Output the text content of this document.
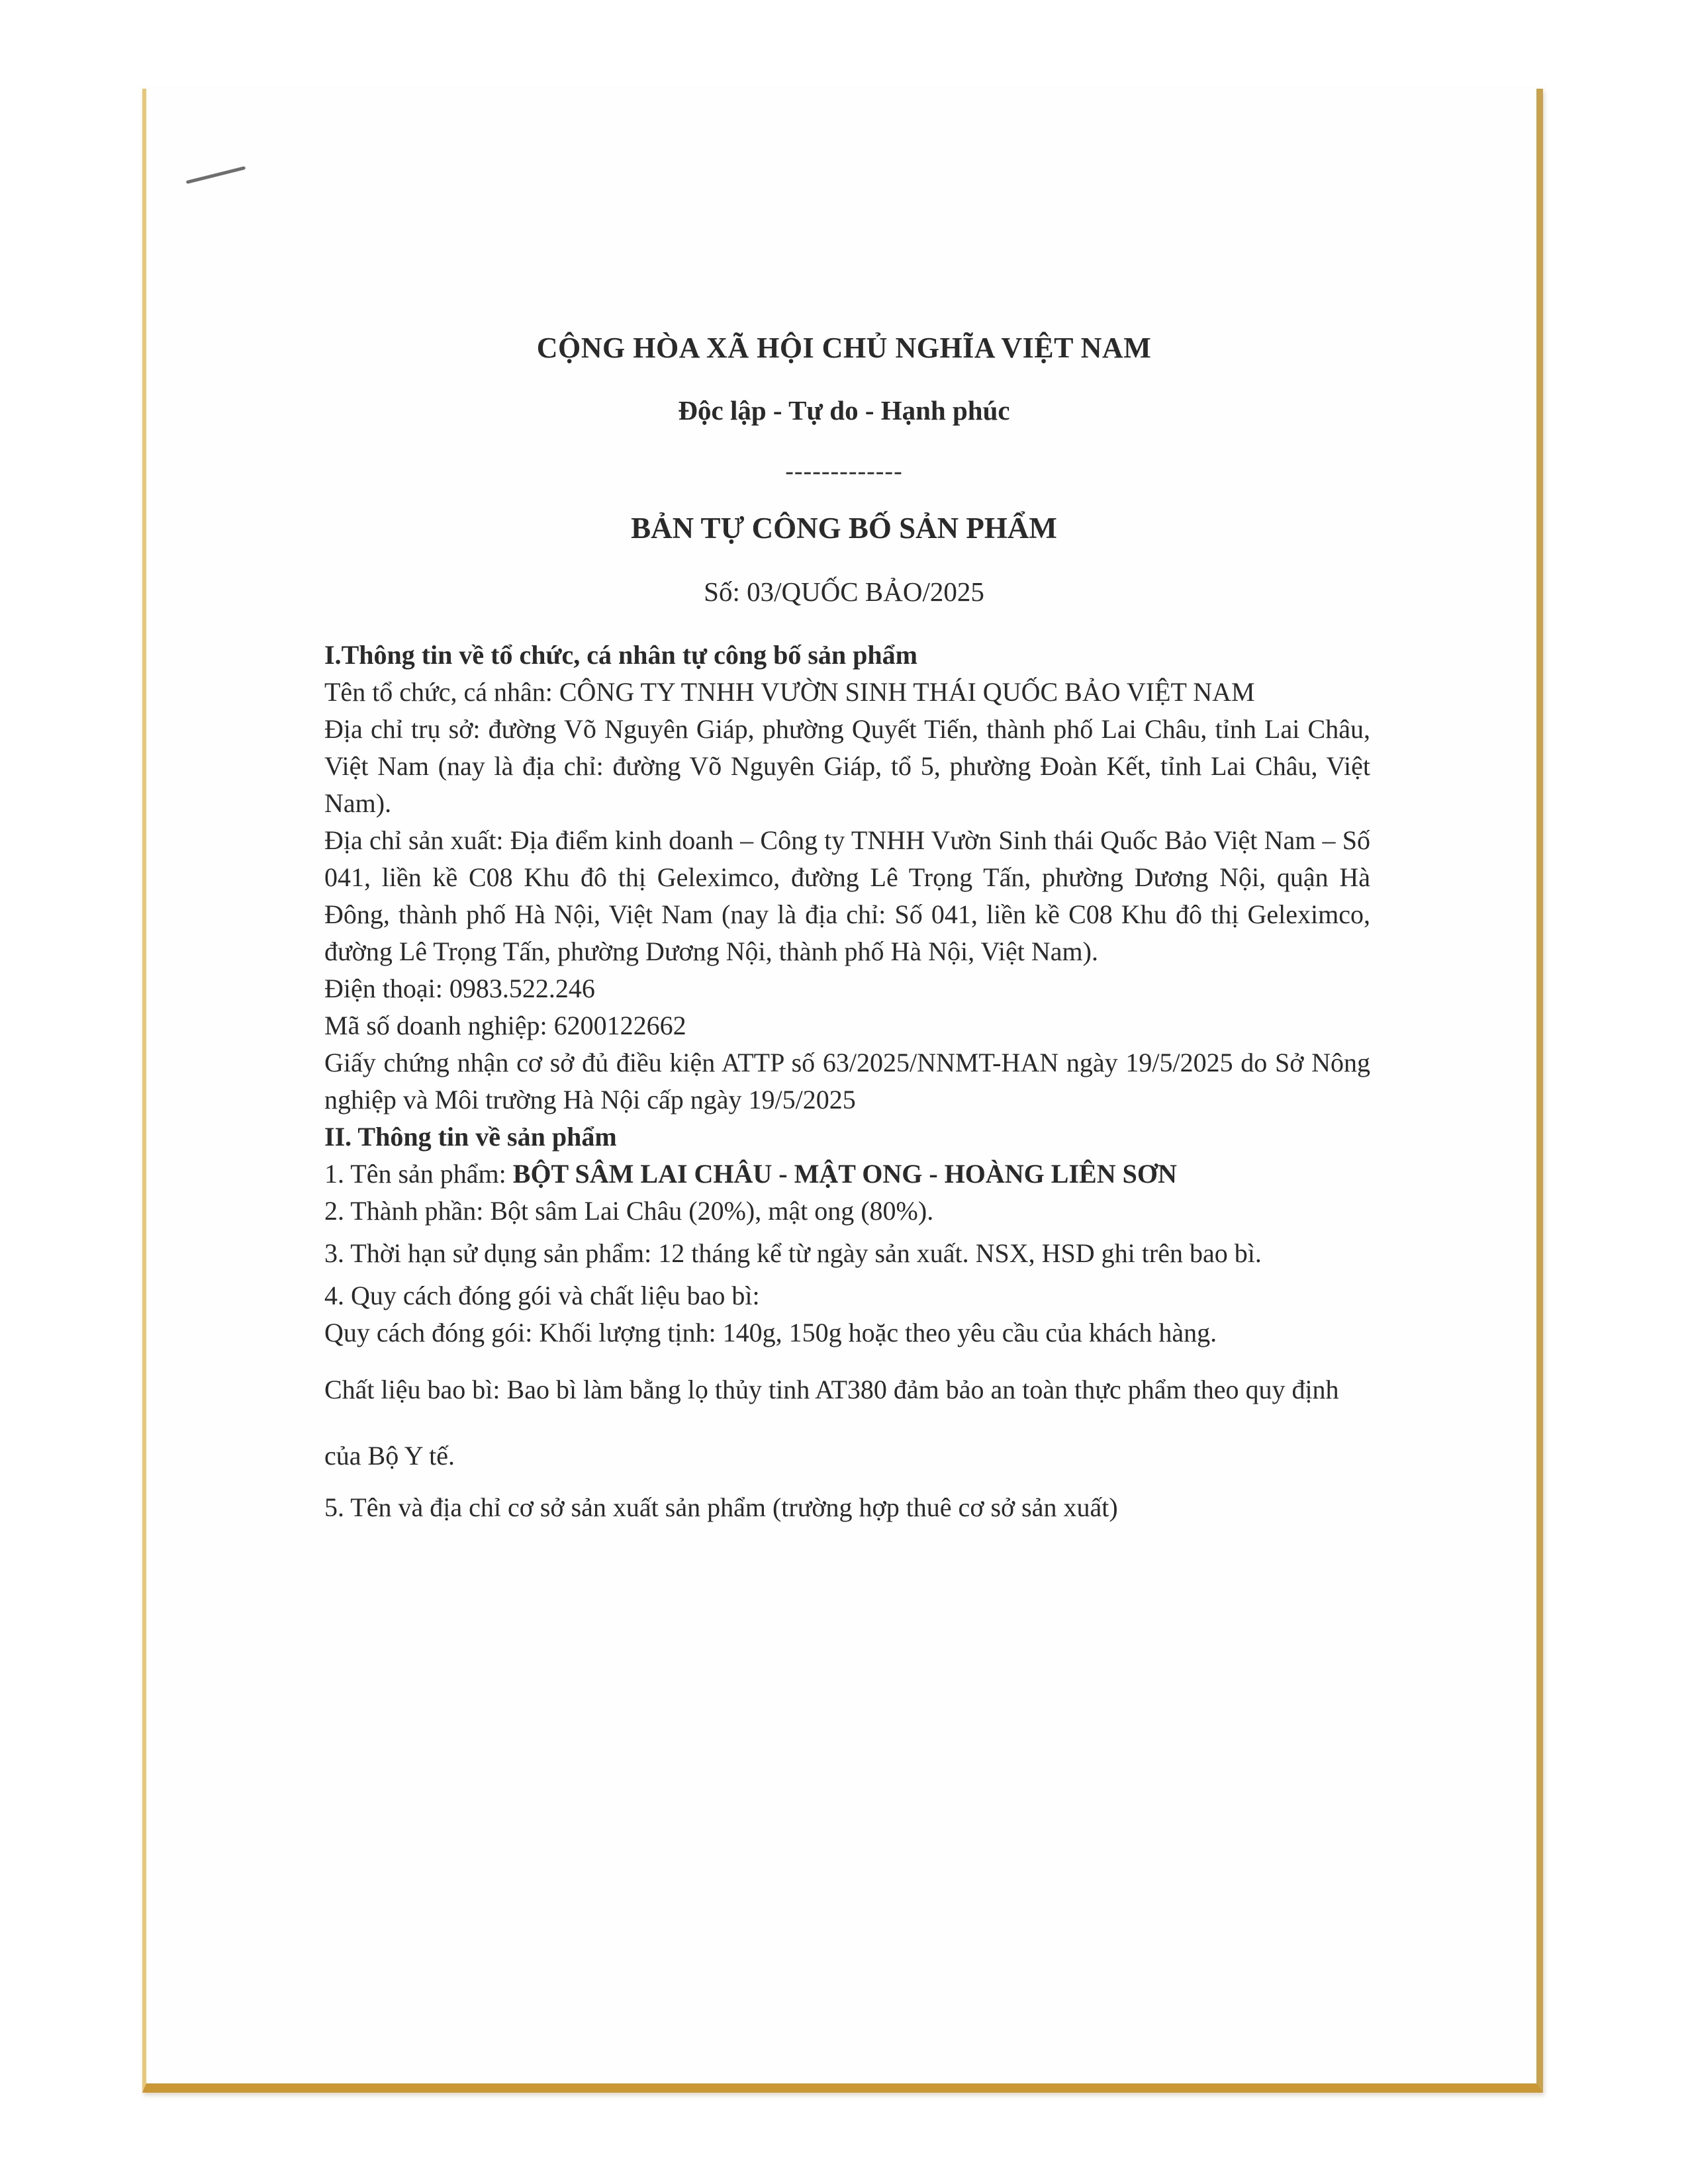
CỘNG HÒA XÃ HỘI CHỦ NGHĨA VIỆT NAM
Độc lập - Tự do - Hạnh phúc
-------------
BẢN TỰ CÔNG BỐ SẢN PHẨM
Số: 03/QUỐC BẢO/2025

I.Thông tin về tổ chức, cá nhân tự công bố sản phẩm

Tên tổ chức, cá nhân: CÔNG TY TNHH VƯỜN SINH THÁI QUỐC BẢO VIỆT NAM

Địa chỉ trụ sở: đường Võ Nguyên Giáp, phường Quyết Tiến, thành phố Lai Châu, tỉnh Lai Châu, Việt Nam (nay là địa chỉ: đường Võ Nguyên Giáp, tổ 5, phường Đoàn Kết, tỉnh Lai Châu, Việt Nam).

Địa chỉ sản xuất: Địa điểm kinh doanh – Công ty TNHH Vườn Sinh thái Quốc Bảo Việt Nam – Số 041, liền kề C08 Khu đô thị Geleximco, đường Lê Trọng Tấn, phường Dương Nội, quận Hà Đông, thành phố Hà Nội, Việt Nam (nay là địa chỉ: Số 041, liền kề C08 Khu đô thị Geleximco, đường Lê Trọng Tấn, phường Dương Nội, thành phố Hà Nội, Việt Nam).

Điện thoại: 0983.522.246

Mã số doanh nghiệp: 6200122662

Giấy chứng nhận cơ sở đủ điều kiện ATTP số 63/2025/NNMT-HAN ngày 19/5/2025 do Sở Nông nghiệp và Môi trường Hà Nội cấp ngày 19/5/2025

II. Thông tin về sản phẩm

1. Tên sản phẩm: BỘT SÂM LAI CHÂU - MẬT ONG - HOÀNG LIÊN SƠN

2. Thành phần: Bột sâm Lai Châu (20%), mật ong (80%).

3. Thời hạn sử dụng sản phẩm: 12 tháng kể từ ngày sản xuất. NSX, HSD ghi trên bao bì.

4. Quy cách đóng gói và chất liệu bao bì:

Quy cách đóng gói: Khối lượng tịnh: 140g, 150g hoặc theo yêu cầu của khách hàng.

Chất liệu bao bì: Bao bì làm bằng lọ thủy tinh AT380 đảm bảo an toàn thực phẩm theo quy định của Bộ Y tế.

5. Tên và địa chỉ cơ sở sản xuất sản phẩm (trường hợp thuê cơ sở sản xuất)
